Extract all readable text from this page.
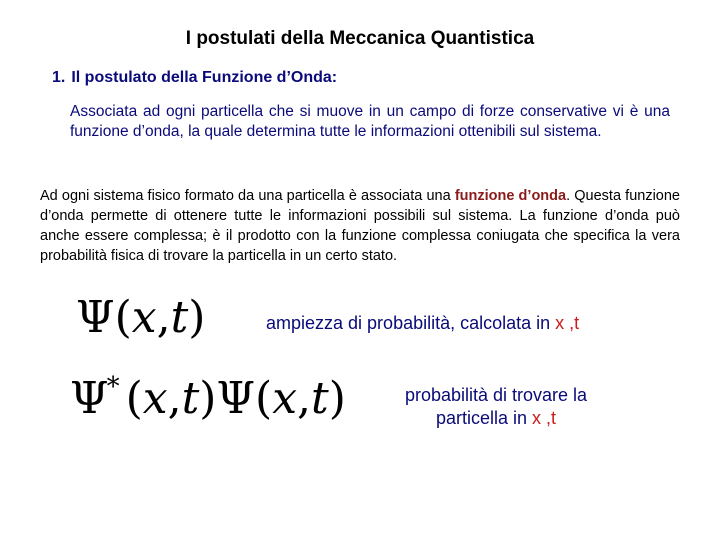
I postulati della Meccanica Quantistica
1. Il postulato della Funzione d’Onda:
Associata ad ogni particella che si muove in un campo di forze conservative vi è una funzione d’onda, la quale determina tutte le informazioni ottenibili sul sistema.
Ad ogni sistema fisico formato da una particella è associata una funzione d’onda. Questa funzione d’onda permette di ottenere tutte le informazioni possibili sul sistema. La funzione d’onda può anche essere complessa; è il prodotto con la funzione complessa coniugata che specifica la vera probabilità fisica di trovare la particella in un certo stato.
Ψ(x,t)	ampiezza di probabilità, calcolata in x ,t
Ψ* (x,t)Ψ(x,t)	probabilità di trovare la
particella in x ,t
